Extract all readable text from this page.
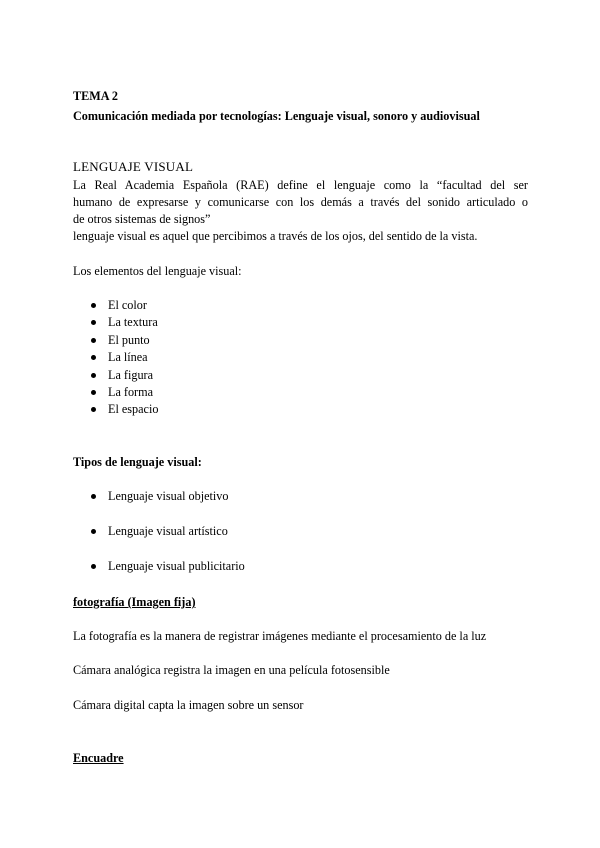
TEMA 2
Comunicación mediada por tecnologías: Lenguaje visual, sonoro y audiovisual
LENGUAJE VISUAL
La Real Academia Española (RAE) define el lenguaje como la “facultad del ser
humano de expresarse y comunicarse con los demás a través del sonido articulado o
de otros sistemas de signos”
lenguaje visual es aquel que percibimos a través de los ojos, del sentido de la vista.
Los elementos del lenguaje visual:
El color
La textura
El punto
La línea
La figura
La forma
El espacio
Tipos de lenguaje visual:
Lenguaje visual objetivo
Lenguaje visual artístico
Lenguaje visual publicitario
fotografía (Imagen fija)
La fotografía es la manera de registrar imágenes mediante el procesamiento de la luz
Cámara analógica registra la imagen en una película fotosensible
Cámara digital capta la imagen sobre un sensor
Encuadre
